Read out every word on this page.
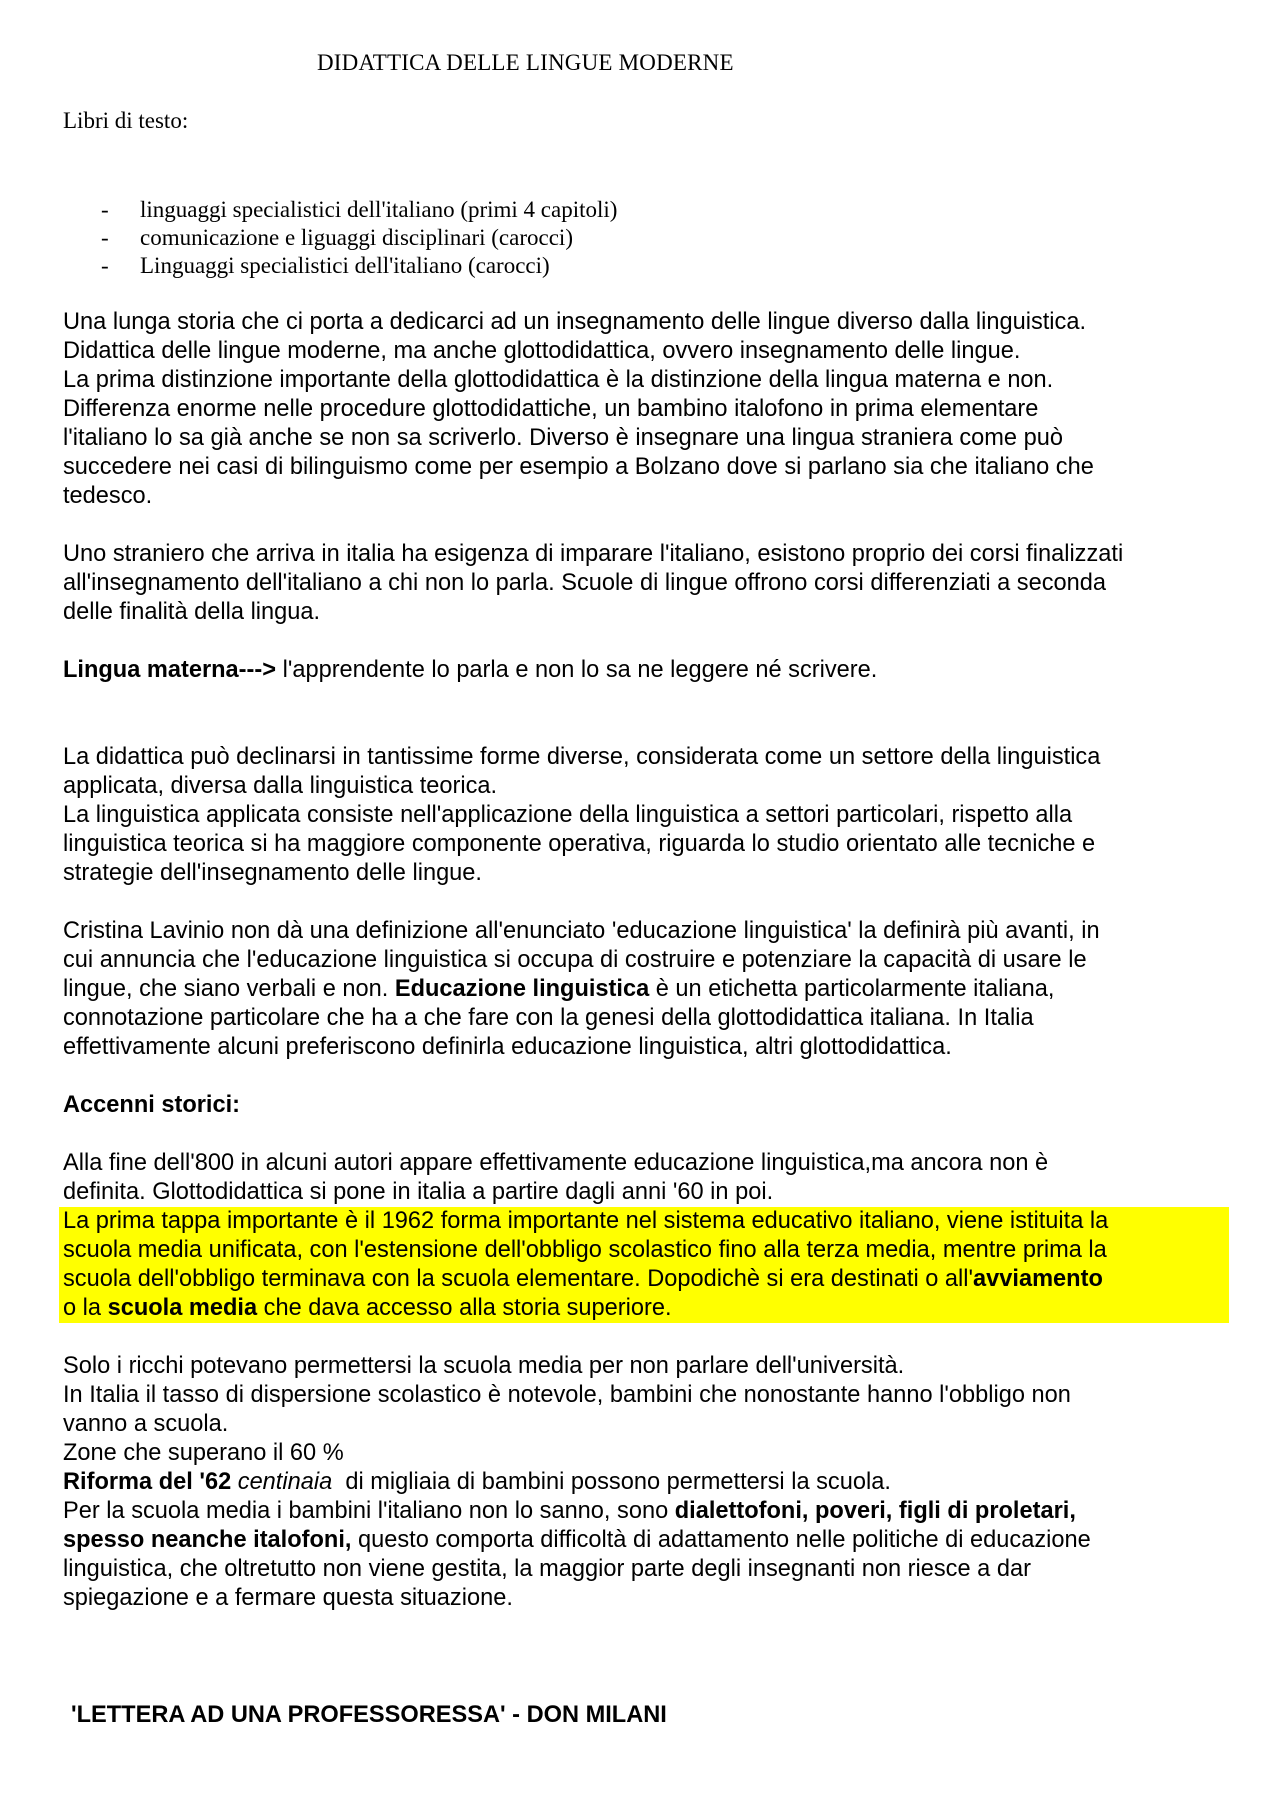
DIDATTICA DELLE LINGUE MODERNE
Libri di testo:
- linguaggi specialistici dell'italiano (primi 4 capitoli)
- comunicazione e liguaggi disciplinari (carocci)
- Linguaggi specialistici dell'italiano (carocci)

Una lunga storia che ci porta a dedicarci ad un insegnamento delle lingue diverso dalla linguistica.
Didattica delle lingue moderne, ma anche glottodidattica, ovvero insegnamento delle lingue.
La prima distinzione importante della glottodidattica è la distinzione della lingua materna e non.
Differenza enorme nelle procedure glottodidattiche, un bambino italofono in prima elementare
l'italiano lo sa già anche se non sa scriverlo. Diverso è insegnare una lingua straniera come può
succedere nei casi di bilinguismo come per esempio a Bolzano dove si parlano sia che italiano che
tedesco.

Uno straniero che arriva in italia ha esigenza di imparare l'italiano, esistono proprio dei corsi finalizzati
all'insegnamento dell'italiano a chi non lo parla. Scuole di lingue offrono corsi differenziati a seconda
delle finalità della lingua.

Lingua materna---> l'apprendente lo parla e non lo sa ne leggere né scrivere.

La didattica può declinarsi in tantissime forme diverse, considerata come un settore della linguistica
applicata, diversa dalla linguistica teorica.
La linguistica applicata consiste nell'applicazione della linguistica a settori particolari, rispetto alla
linguistica teorica si ha maggiore componente operativa, riguarda lo studio orientato alle tecniche e
strategie dell'insegnamento delle lingue.

Cristina Lavinio non dà una definizione all'enunciato 'educazione linguistica' la definirà più avanti, in
cui annuncia che l'educazione linguistica si occupa di costruire e potenziare la capacità di usare le
lingue, che siano verbali e non. Educazione linguistica è un etichetta particolarmente italiana,
connotazione particolare che ha a che fare con la genesi della glottodidattica italiana. In Italia
effettivamente alcuni preferiscono definirla educazione linguistica, altri glottodidattica.

Accenni storici:

Alla fine dell'800 in alcuni autori appare effettivamente educazione linguistica,ma ancora non è
definita. Glottodidattica si pone in italia a partire dagli anni '60 in poi.

La prima tappa importante è il 1962 forma importante nel sistema educativo italiano, viene istituita la
scuola media unificata, con l'estensione dell'obbligo scolastico fino alla terza media, mentre prima la
scuola dell'obbligo terminava con la scuola elementare. Dopodichè si era destinati o all'avviamento
o la scuola media che dava accesso alla storia superiore.

Solo i ricchi potevano permettersi la scuola media per non parlare dell'università.
In Italia il tasso di dispersione scolastico è notevole, bambini che nonostante hanno l'obbligo non
vanno a scuola.
Zone che superano il 60 %
Riforma del '62 centinaia  di migliaia di bambini possono permettersi la scuola.
Per la scuola media i bambini l'italiano non lo sanno, sono dialettofoni, poveri, figli di proletari,
spesso neanche italofoni, questo comporta difficoltà di adattamento nelle politiche di educazione
linguistica, che oltretutto non viene gestita, la maggior parte degli insegnanti non riesce a dar
spiegazione e a fermare questa situazione.

'LETTERA AD UNA PROFESSORESSA' - DON MILANI
